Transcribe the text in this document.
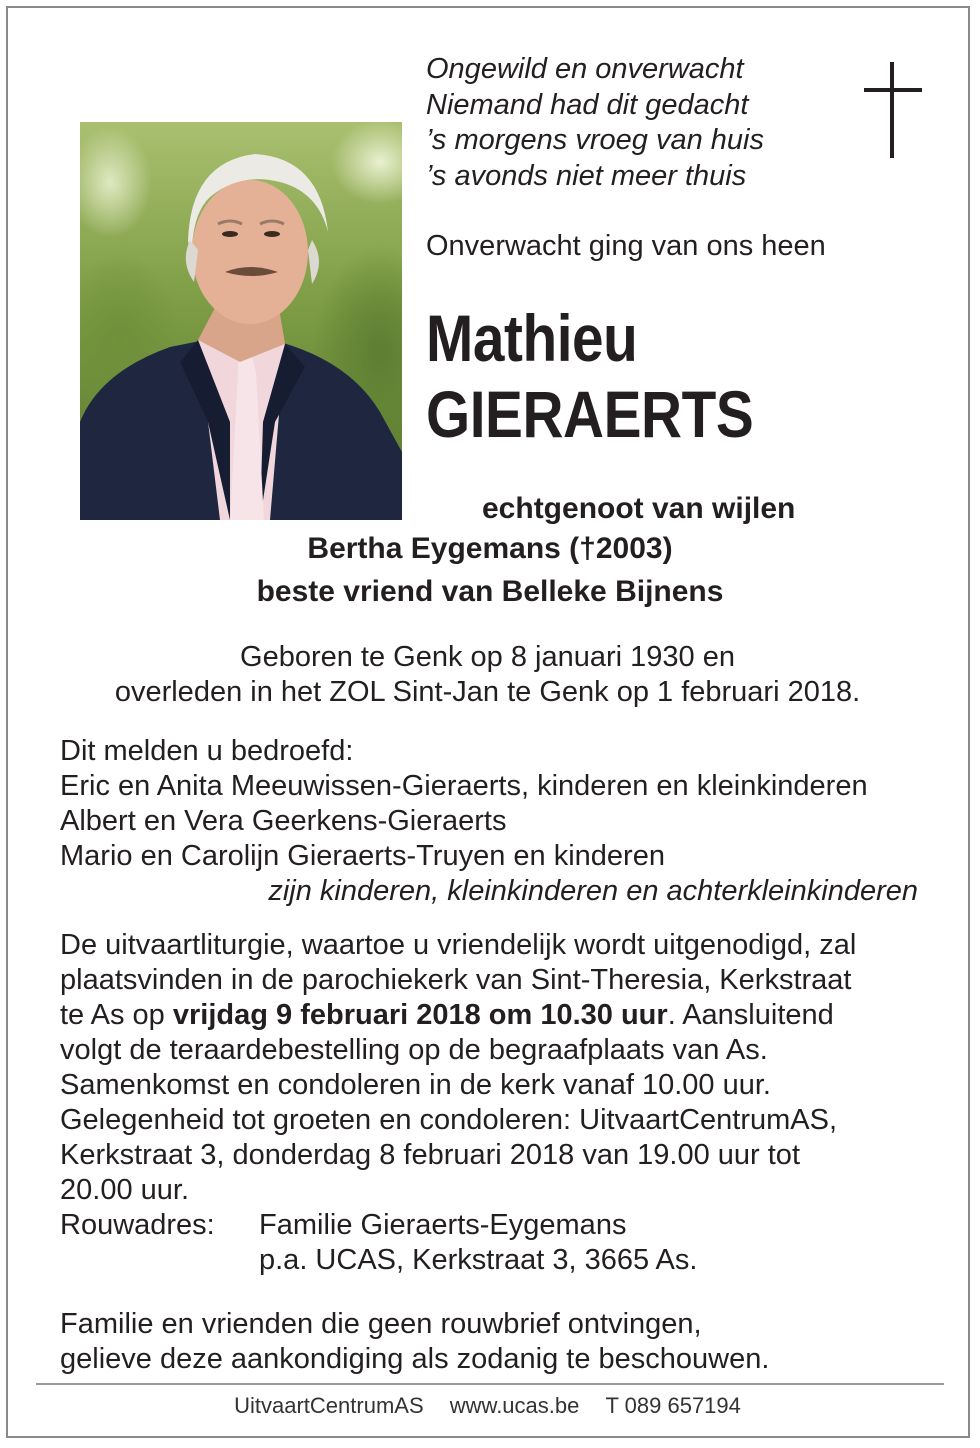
Ongewild en onverwacht
Niemand had dit gedacht
’s morgens vroeg van huis
’s avonds niet meer thuis
Onverwacht ging van ons heen
Mathieu
GIERAERTS
echtgenoot van wijlen
Bertha Eygemans (†2003)
beste vriend van Belleke Bijnens
Geboren te Genk op 8 januari 1930 en
overleden in het ZOL Sint-Jan te Genk op 1 februari 2018.

Dit melden u bedroefd:

Eric en Anita Meeuwissen-Gieraerts, kinderen en kleinkinderen

Albert en Vera Geerkens-Gieraerts

Mario en Carolijn Gieraerts-Truyen en kinderen

zijn kinderen, kleinkinderen en achterkleinkinderen

De uitvaartliturgie, waartoe u vriendelijk wordt uitgenodigd, zal

plaatsvinden in de parochiekerk van Sint-Theresia, Kerkstraat

te As op vrijdag 9 februari 2018 om 10.30 uur. Aansluitend

volgt de teraardebestelling op de begraafplaats van As.

Samenkomst en condoleren in de kerk vanaf 10.00 uur.

Gelegenheid tot groeten en condoleren: UitvaartCentrumAS,

Kerkstraat 3, donderdag 8 februari 2018 van 19.00 uur tot

20.00 uur.

Rouwadres:	Familie Gieraerts-Eygemans
p.a. UCAS, Kerkstraat 3, 3665 As.
Familie en vrienden die geen rouwbrief ontvingen,
gelieve deze aankondiging als zodanig te beschouwen.
UitvaartCentrumAS www.ucas.be T 089 657194
